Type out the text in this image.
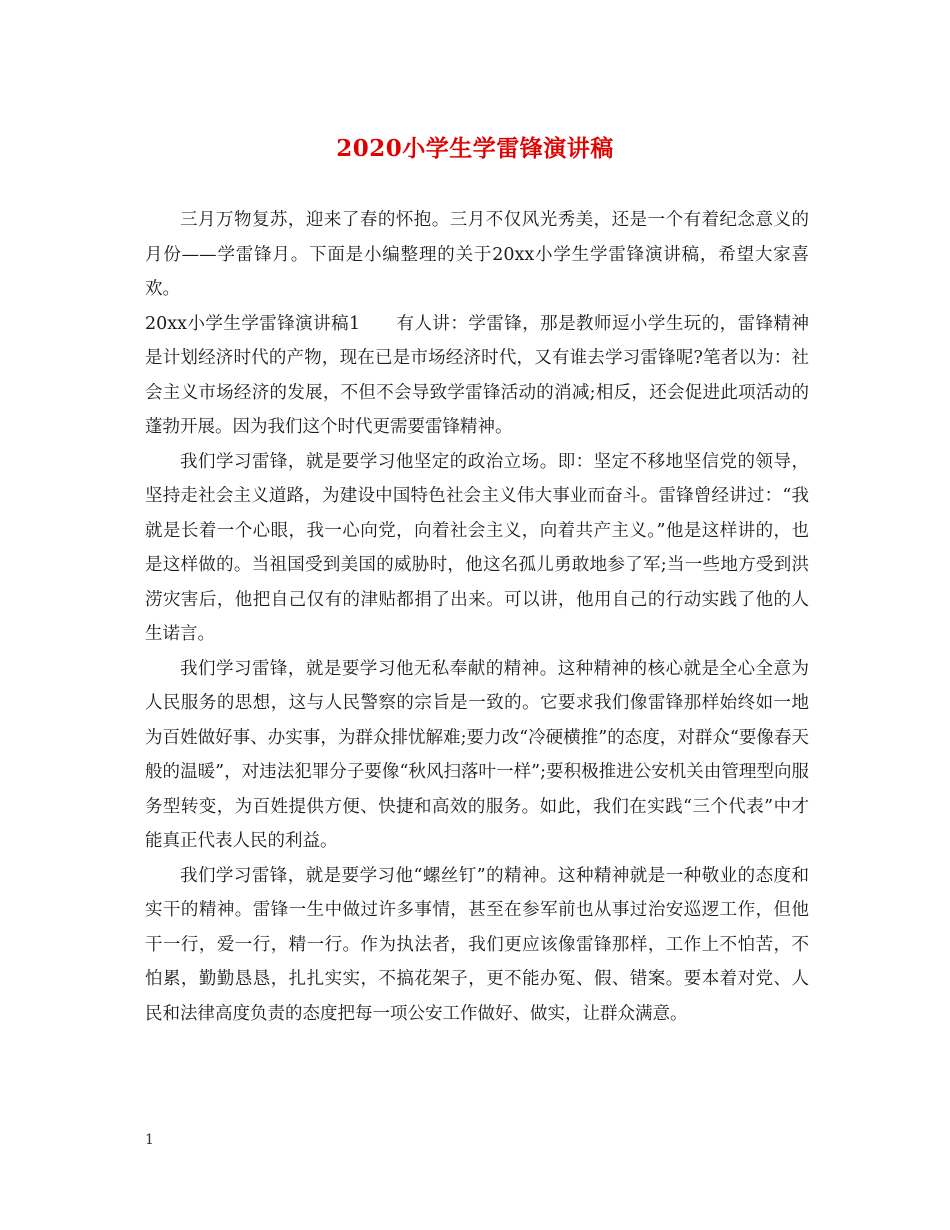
2020小学生学雷锋演讲稿

三月万物复苏，迎来了春的怀抱。三月不仅风光秀美，还是一个有着纪念意义的月份——学雷锋月。下面是小编整理的关于20xx小学生学雷锋演讲稿，希望大家喜欢。

20xx小学生学雷锋演讲稿1　　有人讲：学雷锋，那是教师逗小学生玩的，雷锋精神是计划经济时代的产物，现在已是市场经济时代，又有谁去学习雷锋呢?笔者以为：社会主义市场经济的发展，不但不会导致学雷锋活动的消减;相反，还会促进此项活动的蓬勃开展。因为我们这个时代更需要雷锋精神。

我们学习雷锋，就是要学习他坚定的政治立场。即：坚定不移地坚信党的领导，坚持走社会主义道路，为建设中国特色社会主义伟大事业而奋斗。雷锋曾经讲过：“我就是长着一个心眼，我一心向党，向着社会主义，向着共产主义。”他是这样讲的，也是这样做的。当祖国受到美国的威胁时，他这名孤儿勇敢地参了军;当一些地方受到洪涝灾害后，他把自己仅有的津贴都捐了出来。可以讲，他用自己的行动实践了他的人生诺言。

我们学习雷锋，就是要学习他无私奉献的精神。这种精神的核心就是全心全意为人民服务的思想，这与人民警察的宗旨是一致的。它要求我们像雷锋那样始终如一地为百姓做好事、办实事，为群众排忧解难;要力改“冷硬横推”的态度，对群众“要像春天般的温暖”，对违法犯罪分子要像“秋风扫落叶一样”;要积极推进公安机关由管理型向服务型转变，为百姓提供方便、快捷和高效的服务。如此，我们在实践“三个代表”中才能真正代表人民的利益。

我们学习雷锋，就是要学习他“螺丝钉”的精神。这种精神就是一种敬业的态度和实干的精神。雷锋一生中做过许多事情，甚至在参军前也从事过治安巡逻工作，但他干一行，爱一行，精一行。作为执法者，我们更应该像雷锋那样，工作上不怕苦，不怕累，勤勤恳恳，扎扎实实，不搞花架子，更不能办冤、假、错案。要本着对党、人民和法律高度负责的态度把每一项公安工作做好、做实，让群众满意。

1
